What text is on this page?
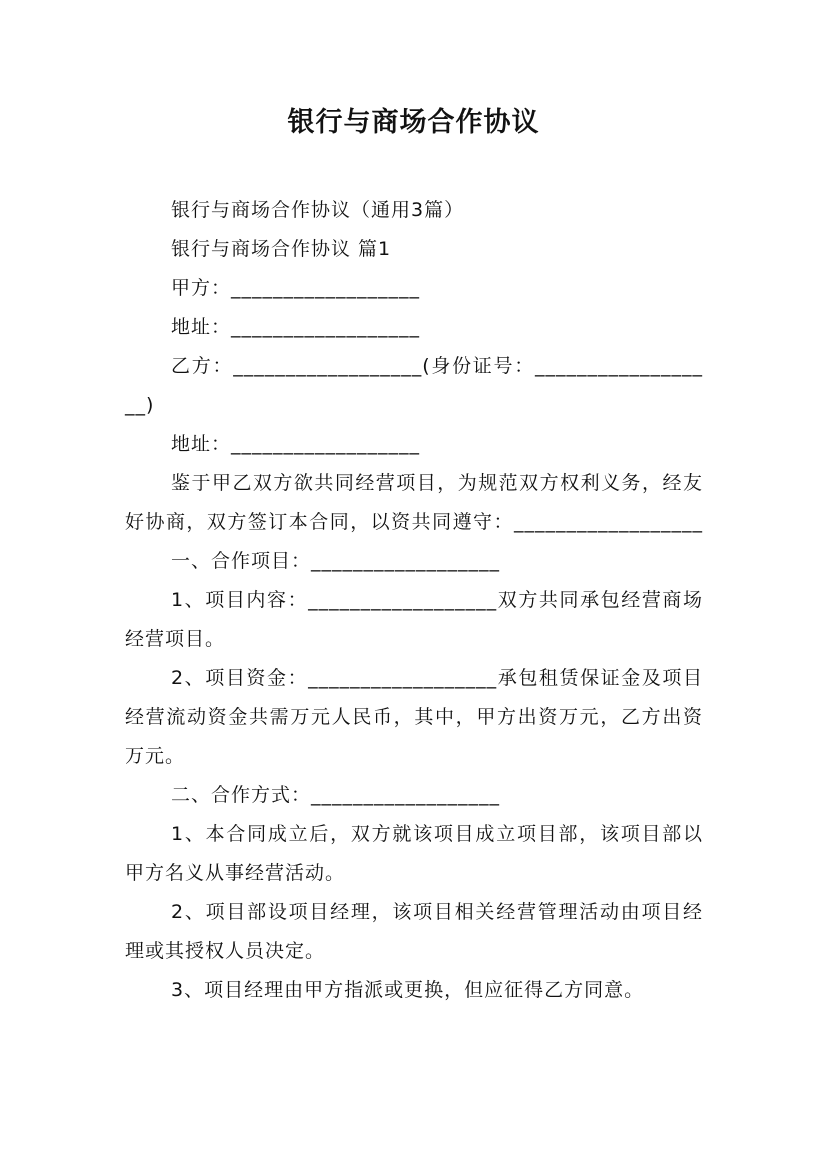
银行与商场合作协议

银行与商场合作协议（通用3篇）

银行与商场合作协议 篇1

甲方：__________________

地址：__________________

乙方：__________________(身份证号：__________________)

地址：__________________

鉴于甲乙双方欲共同经营项目，为规范双方权利义务，经友好协商，双方签订本合同，以资共同遵守：__________________

一、合作项目：__________________

1、项目内容：__________________双方共同承包经营商场经营项目。

2、项目资金：__________________承包租赁保证金及项目经营流动资金共需万元人民币，其中，甲方出资万元，乙方出资万元。

二、合作方式：__________________

1、本合同成立后，双方就该项目成立项目部，该项目部以甲方名义从事经营活动。

2、项目部设项目经理，该项目相关经营管理活动由项目经理或其授权人员决定。

3、项目经理由甲方指派或更换，但应征得乙方同意。
